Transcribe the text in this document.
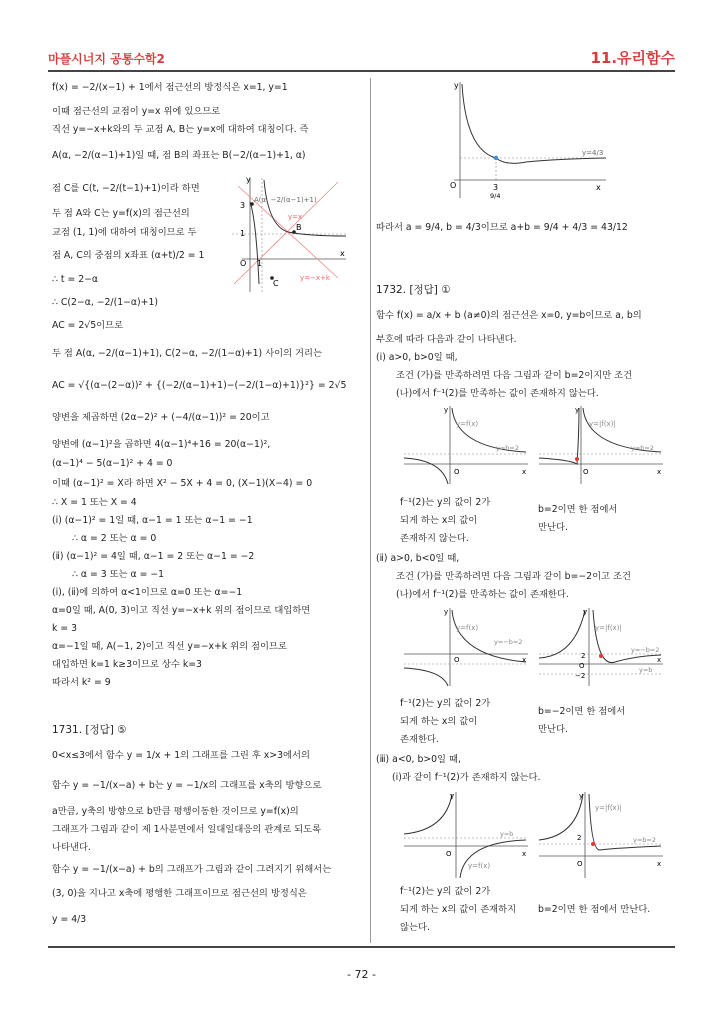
마플시너지 공통수학2	11.유리함수
f(x) = −2/(x−1) + 1에서 점근선의 방정식은 x=1, y=1
이때 점근선의 교점이 y=x 위에 있으므로
직선 y=−x+k와의 두 교점 A, B는 y=x에 대하여 대칭이다. 즉
A(α, −2/(α−1)+1)일 때, 점 B의 좌표는 B(−2/(α−1)+1, α)
점 C를 C(t, −2/(t−1)+1)이라 하면
두 점 A와 C는 y=f(x)의 점근선의
교점 (1, 1)에 대하여 대칭이므로 두
점 A, C의 중점의 x좌표 (α+t)/2 = 1
∴ t = 2−α
∴ C(2−α, −2/(1−α)+1)
AC = 2√5이므로
두 점 A(α, −2/(α−1)+1), C(2−α, −2/(1−α)+1) 사이의 거리는
AC = √{(α−(2−α))² + {(−2/(α−1)+1)−(−2/(1−α)+1)}²} = 2√5
양변을 제곱하면 (2α−2)² + (−4/(α−1))² = 20이고
양변에 (α−1)²을 곱하면 4(α−1)⁴+16 = 20(α−1)²,
(α−1)⁴ − 5(α−1)² + 4 = 0
이때 (α−1)² = X라 하면 X² − 5X + 4 = 0, (X−1)(X−4) = 0
∴ X = 1 또는 X = 4
(ⅰ) (α−1)² = 1일 때, α−1 = 1 또는 α−1 = −1
∴ α = 2 또는 α = 0
(ⅱ) (α−1)² = 4일 때, α−1 = 2 또는 α−1 = −2
∴ α = 3 또는 α = −1
(ⅰ), (ⅱ)에 의하여 α<1이므로 α=0 또는 α=−1
α=0일 때, A(0, 3)이고 직선 y=−x+k 위의 점이므로 대입하면
k = 3
α=−1일 때, A(−1, 2)이고 직선 y=−x+k 위의 점이므로
대입하면 k=1 k≥3이므로 상수 k=3
따라서 k² = 9
1731. [정답] ⑤
0<x≤3에서 함수 y = 1/x + 1의 그래프를 그린 후 x>3에서의
함수 y = −1/(x−a) + b는 y = −1/x의 그래프를 x축의 방향으로
a만큼, y축의 방향으로 b만큼 평행이동한 것이므로 y=f(x)의
그래프가 그림과 같이 제 1사분면에서 일대일대응의 관계로 되도록
나타낸다.
함수 y = −1/(x−a) + b의 그래프가 그림과 같이 그려지기 위해서는
(3, 0)을 지나고 x축에 평행한 그래프이므로 점근선의 방정식은
y = 4/3
y
A(α, −2/(α−1)+1)
y=x
3
B
1
O 1
x
C
y=−x+k
y
y=4/3
O	3
9/4
x
따라서 a = 9/4, b = 4/3이므로 a+b = 9/4 + 4/3 = 43/12
1732. [정답] ①
함수 f(x) = a/x + b (a≠0)의 점근선은 x=0, y=b이므로 a, b의
부호에 따라 다음과 같이 나타낸다.
(ⅰ) a>0, b>0일 때,
조건 (가)를 만족하려면 다음 그림과 같이 b=2이지만 조건
(나)에서 f⁻¹(2)를 만족하는 값이 존재하지 않는다.
y
y=f(x)
y=b=2
O	x
y
y=|f(x)|
y=b=2
O	x
f⁻¹(2)는 y의 값이 2가
되게 하는 x의 값이
존재하지 않는다.
b=2이면 한 점에서
만난다.
(ⅱ) a>0, b<0일 때,
조건 (가)를 만족하려면 다음 그림과 같이 b=−2이고 조건
(나)에서 f⁻¹(2)를 만족하는 값이 존재한다.
y
y=f(x)
y=−b=2
O	x
y
y=|f(x)|
2
O
−2
y=−b=2
y=b
x
f⁻¹(2)는 y의 값이 2가
되게 하는 x의 값이
존재한다.
b=−2이면 한 점에서
만난다.
(ⅲ) a<0, b>0일 때,
(ⅰ)과 같이 f⁻¹(2)가 존재하지 않는다.
y
y=b
O
y=f(x)
x
y
y=|f(x)|
2	y=b=2
O	x
f⁻¹(2)는 y의 값이 2가
되게 하는 x의 값이 존재하지
않는다.
b=2이면 한 점에서 만난다.
- 72 -
